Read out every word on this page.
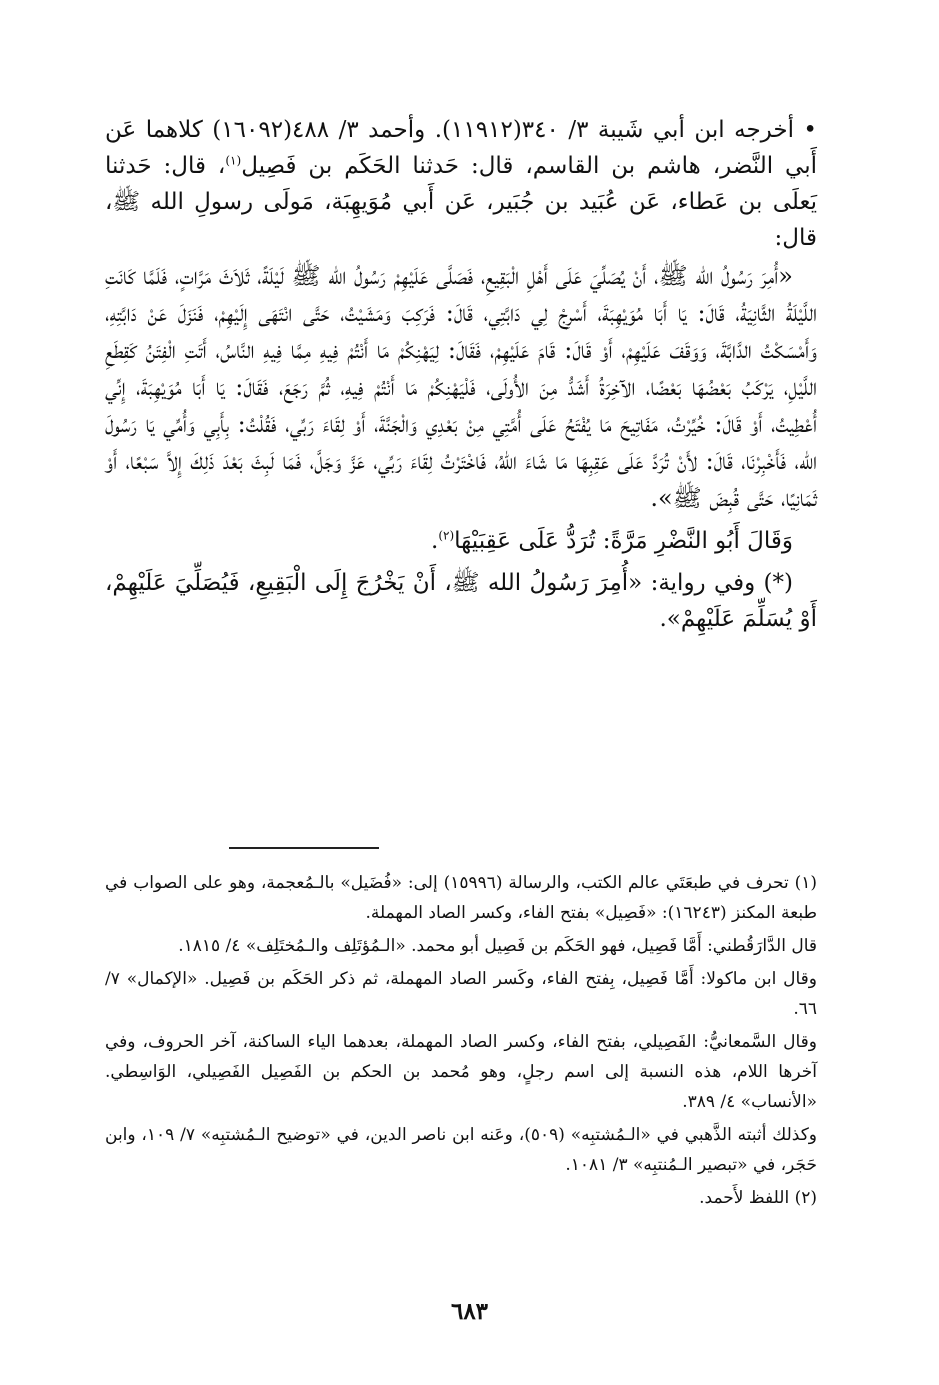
• أخرجه ابن أبي شَيبة ٣/ ٣٤٠(١١٩١٢). وأحمد ٣/ ٤٨٨(١٦٠٩٢) كلاهما عَن أَبي النَّضر، هاشم بن القاسم، قال: حَدثنا الحَكَم بن فَصِيل$^{(١)}$، قال: حَدثنا يَعلَى بن عَطاء، عَن عُبَيد بن جُبَير، عَن أَبي مُوَيهِبَة، مَولَى رسولِ الله ﷺ، قال:

«أُمِرَ رَسُولُ الله ﷺ، أَنْ يُصَلِّيَ عَلَى أَهْلِ الْبَقِيعِ، فَصَلَّى عَلَيْهِمْ رَسُولُ الله ﷺ لَيْلَةً، ثَلاَثَ مَرَّاتٍ، فَلَمَّا كَانَتِ اللَّيْلَةُ الثَّانِيَةُ، قَالَ: يَا أَبَا مُوَيْهِبَةَ، أَسْرِجْ لِي دَابَّتِي، قَالَ: فَرَكِبَ وَمَشَيْتُ، حَتَّى انْتَهَى إِلَيْهِمْ، فَنَزَلَ عَنْ دَابَّتِهِ، وَأَمْسَكْتُ الدَّابَّةَ، وَوَقَفَ عَلَيْهِمْ، أَوْ قَالَ: قَامَ عَلَيْهِمْ، فَقَالَ: لِيَهْنِكُمْ مَا أَنْتُمْ فِيهِ مِمَّا فِيهِ النَّاسُ، أَتَتِ الْفِتَنُ كَقِطَعِ اللَّيْلِ، يَرْكَبُ بَعْضُهَا بَعْضًا، الآخِرَةُ أَشَدُّ مِنَ الأُولَى، فَلْيَهْنِكُمْ مَا أَنْتُمْ فِيهِ، ثُمَّ رَجَعَ، فَقَالَ: يَا أَبَا مُوَيْهِبَةَ، إِنِّي أُعْطِيتُ، أَوْ قَالَ: خُيِّرْتُ، مَفَاتِيحَ مَا يُفْتَحُ عَلَى أُمَّتِي مِنْ بَعْدِي وَالْجَنَّةَ، أَوْ لِقَاءَ رَبِّي، فَقُلْتُ: بِأَبِي وَأُمِّي يَا رَسُولَ الله، فَأَخْبِرْنَا، قَالَ: لأَنْ تُرَدَّ عَلَى عَقِبِهَا مَا شَاءَ اللهُ، فَاخْتَرْتُ لِقَاءَ رَبِّي، عَزَّ وَجَلَّ، فَمَا لَبِثَ بَعْدَ ذَلِكَ إِلاَّ سَبْعًا، أَوْ ثَمَانِيًا، حَتَّى قُبِضَ ﷺ».

وَقَالَ أَبُو النَّضْرِ مَرَّةً: تُرَدُّ عَلَى عَقِبَيْهَا$^{(٢)}$.

(*) وفي رواية: «أُمِرَ رَسُولُ الله ﷺ، أَنْ يَخْرُجَ إِلَى الْبَقِيعِ، فَيُصَلِّيَ عَلَيْهِمْ، أَوْ يُسَلِّمَ عَلَيْهِمْ».

(١) تحرف في طبعَتَي عالم الكتب، والرسالة (١٥٩٩٦) إلى: «فُضَيل» بالـمُعجمة، وهو على الصواب في طبعة المكنز (١٦٢٤٣): «فَصِيل» بفتح الفاء، وكسر الصاد المهملة.

قال الدَّارَقُطني: أَمَّا فَصِيل، فهو الحَكَم بن فَصِيل أبو محمد. «الـمُؤتَلِف والـمُختَلِف» ٤/ ١٨١٥.

وقال ابن ماكولا: أَمَّا فَصِيل، بِفتح الفاء، وكَسر الصاد المهملة، ثم ذكر الحَكَم بن فَصِيل. «الإكمال» ٧/ ٦٦.

وقال السَّمعانيُّ: الفَصِيلي، بفتح الفاء، وكسر الصاد المهملة، بعدهما الياء الساكنة، آخر الحروف، وفي آخرها اللام، هذه النسبة إلى اسم رجلٍ، وهو مُحمد بن الحكم بن الفَصِيل الفَصِيلي، الوَاسِطي. «الأنساب» ٤/ ٣٨٩.

وكذلك أثبته الذَّهبي في «الـمُشتبِه» (٥٠٩)، وعَنه ابن ناصر الدين، في «توضيح الـمُشتبِه» ٧/ ١٠٩، وابن حَجَر، في «تبصير الـمُنتبِه» ٣/ ١٠٨١.

(٢) اللفظ لأَحمد.

٦٨٣
